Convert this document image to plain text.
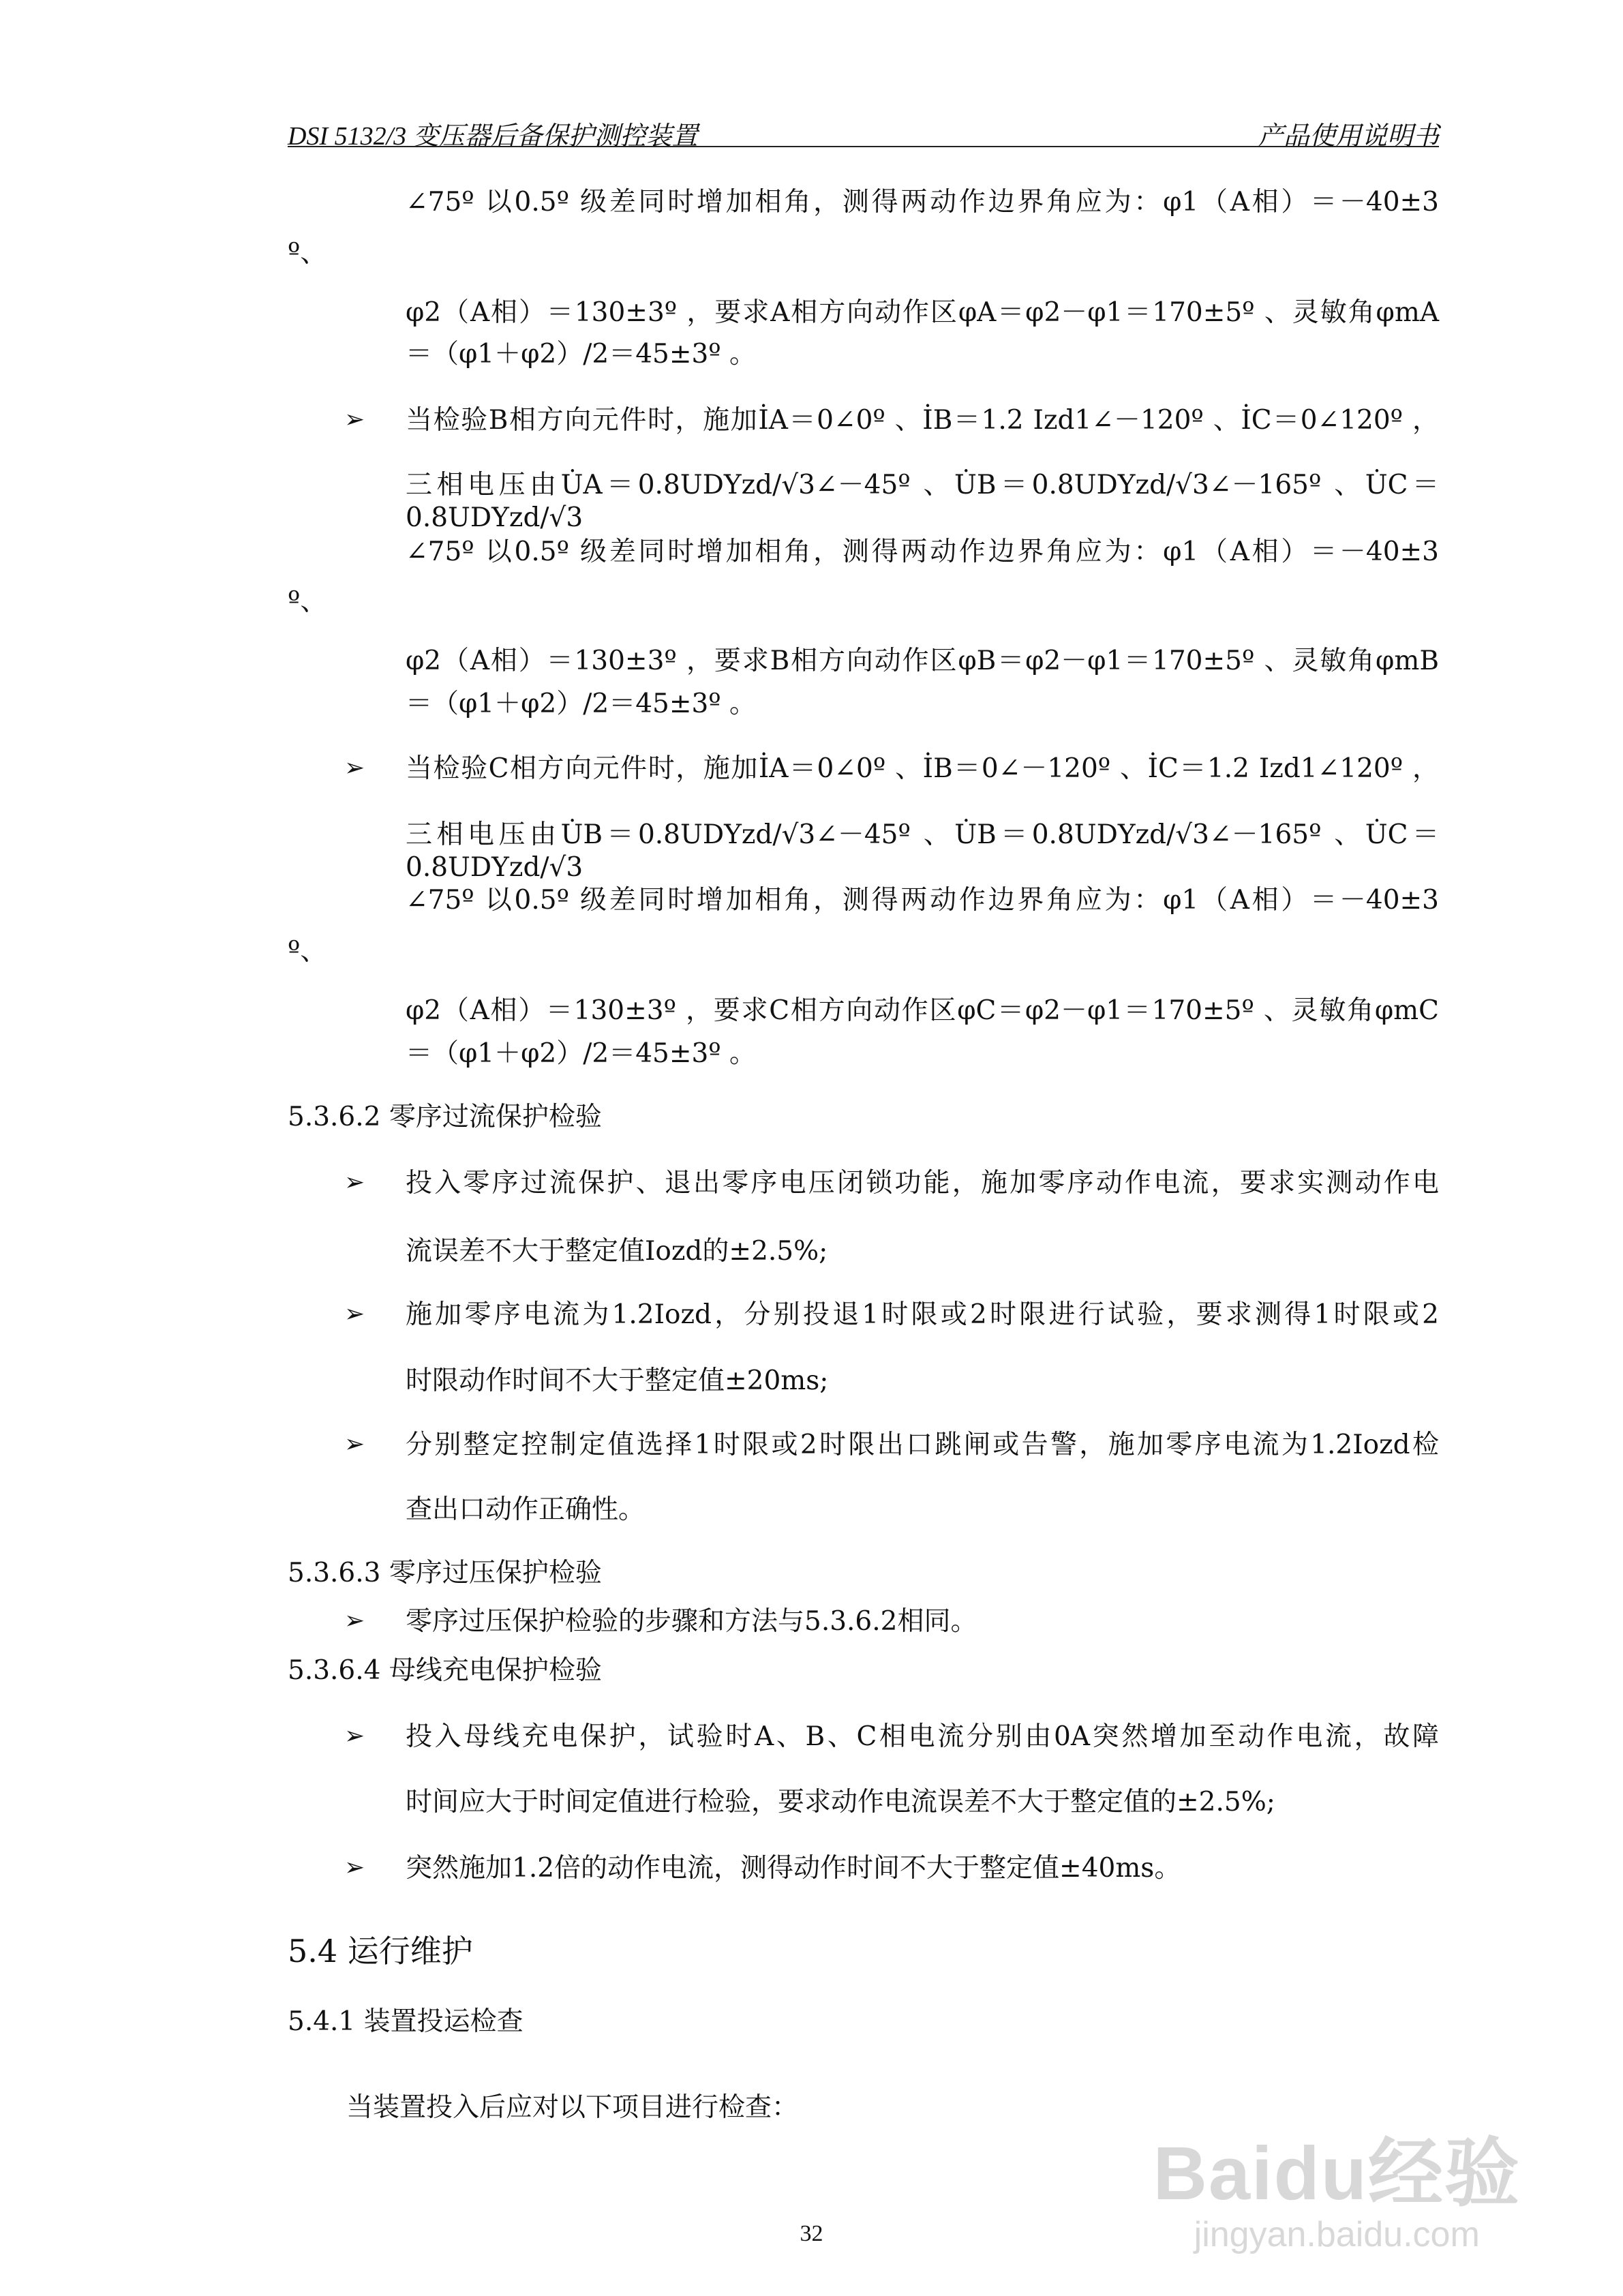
DSI 5132/3 变压器后备保护测控装置	产品使用说明书
∠75º 以0.5º 级差同时增加相角，测得两动作边界角应为：φ1（A相）＝－40±3
º、
φ2（A相）＝130±3º ，要求A相方向动作区φA＝φ2－φ1＝170±5º 、灵敏角φmA
＝（φ1＋φ2）/2＝45±3º 。
➢ 当检验B相方向元件时，施加İA＝0∠0º 、İB＝1.2 Izd1∠－120º 、İC＝0∠120º ，
三相电压由U̇A＝0.8UDYzd/√3∠－45º 、U̇B＝0.8UDYzd/√3∠－165º 、U̇C＝0.8UDYzd/√3
∠75º 以0.5º 级差同时增加相角，测得两动作边界角应为：φ1（A相）＝－40±3
º、
φ2（A相）＝130±3º ，要求B相方向动作区φB＝φ2－φ1＝170±5º 、灵敏角φmB
＝（φ1＋φ2）/2＝45±3º 。
➢ 当检验C相方向元件时，施加İA＝0∠0º 、İB＝0∠－120º 、İC＝1.2 Izd1∠120º ，
三相电压由U̇B＝0.8UDYzd/√3∠－45º 、U̇B＝0.8UDYzd/√3∠－165º 、U̇C＝0.8UDYzd/√3
∠75º 以0.5º 级差同时增加相角，测得两动作边界角应为：φ1（A相）＝－40±3
º、
φ2（A相）＝130±3º ，要求C相方向动作区φC＝φ2－φ1＝170±5º 、灵敏角φmC
＝（φ1＋φ2）/2＝45±3º 。
5.3.6.2 零序过流保护检验
➢ 投入零序过流保护、退出零序电压闭锁功能，施加零序动作电流，要求实测动作电
流误差不大于整定值Iozd的±2.5%;
➢ 施加零序电流为1.2Iozd，分别投退1时限或2时限进行试验，要求测得1时限或2
时限动作时间不大于整定值±20ms;
➢ 分别整定控制定值选择1时限或2时限出口跳闸或告警，施加零序电流为1.2Iozd检
查出口动作正确性。
5.3.6.3 零序过压保护检验
➢ 零序过压保护检验的步骤和方法与5.3.6.2相同。
5.3.6.4 母线充电保护检验
➢ 投入母线充电保护，试验时A、B、C相电流分别由0A突然增加至动作电流，故障
时间应大于时间定值进行检验，要求动作电流误差不大于整定值的±2.5%;
➢ 突然施加1.2倍的动作电流，测得动作时间不大于整定值±40ms。
5.4 运行维护
5.4.1 装置投运检查
当装置投入后应对以下项目进行检查：
32
Baidu经验
jingyan.baidu.com
